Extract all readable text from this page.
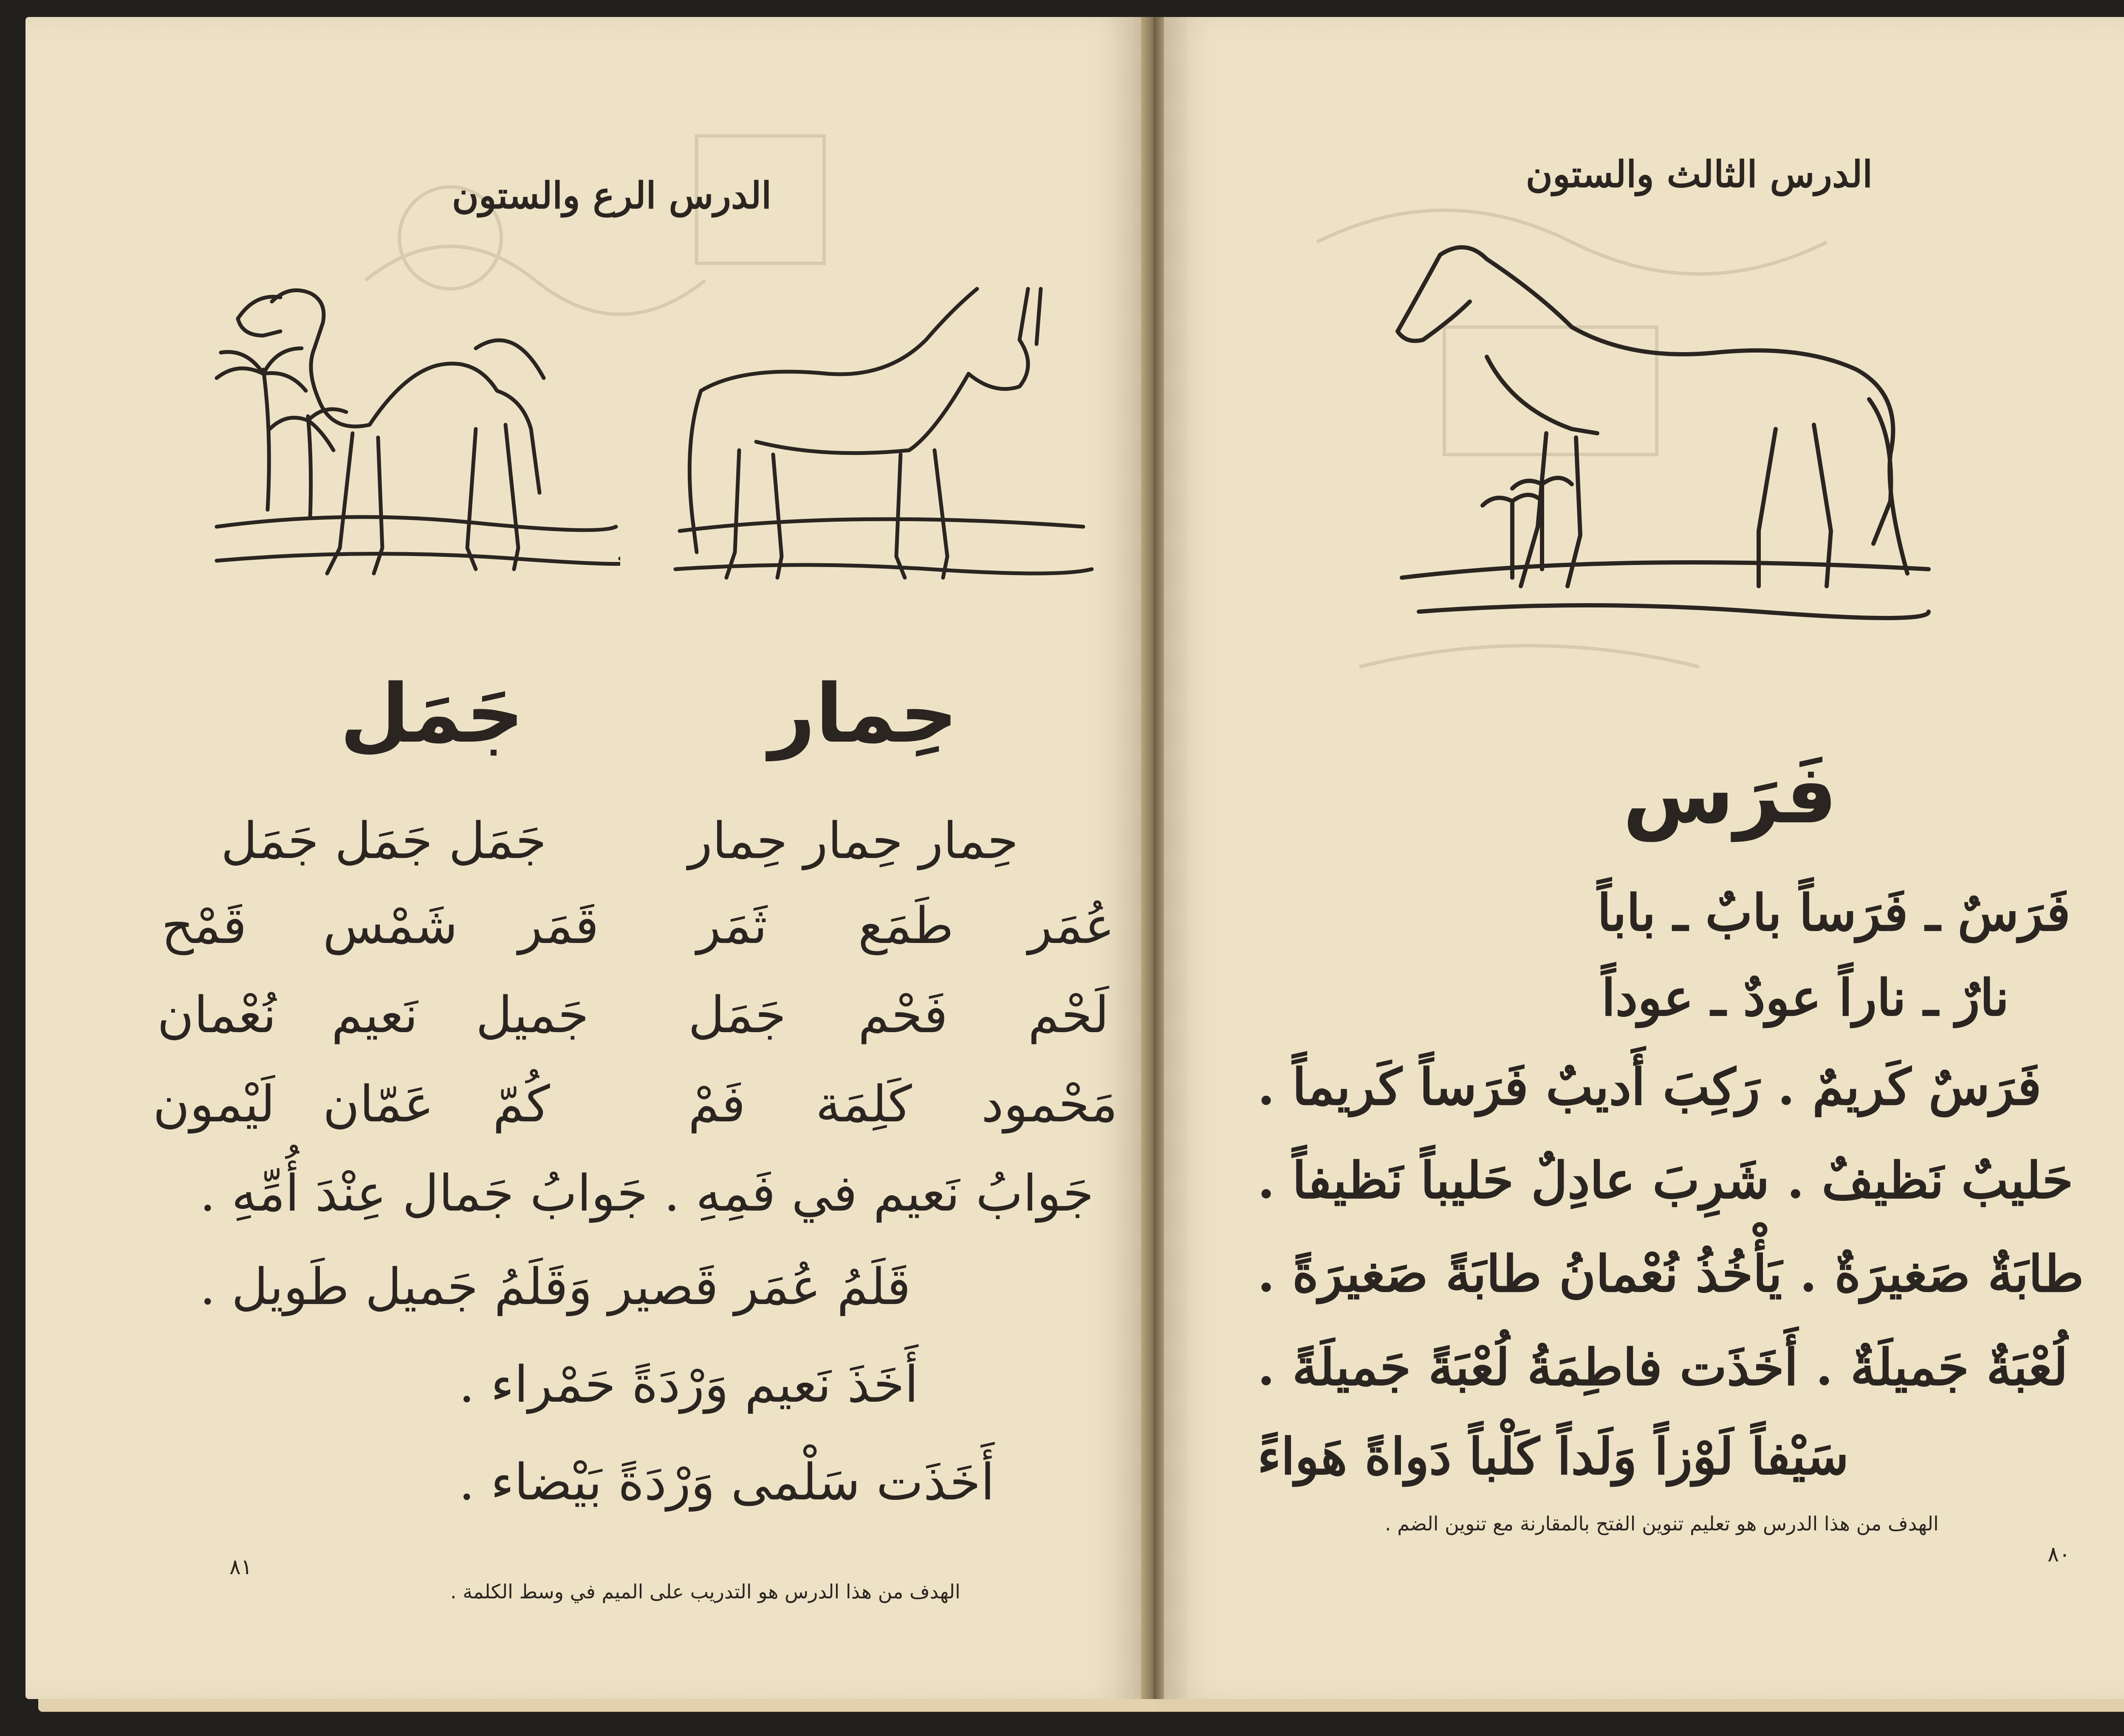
الدرس الرع والستون
جَمَل	حِمار
جَمَل جَمَل جَمَل	حِمار حِمار حِمار
عُمَر
طَمَع
ثَمَر
قَمَر
شَمْس
قَمْح
لَحْم
فَحْم
جَمَل
جَميل
نَعيم
نُعْمان
مَحْمود
كَلِمَة
فَمْ
كُمّ
عَمّان
لَيْمون
جَوابُ نَعيم في فَمِهِ . جَوابُ جَمال عِنْدَ أُمِّهِ .
قَلَمُ عُمَر قَصير وَقَلَمُ جَميل طَويل .
أَخَذَ نَعيم وَرْدَةً حَمْراء .
أَخَذَت سَلْمى وَرْدَةً بَيْضاء .
٨١
الهدف من هذا الدرس هو التدريب على الميم في وسط الكلمة .
الدرس الثالث والستون
فَرَس
فَرَسٌ ـ فَرَساً بابٌ ـ باباً
نارٌ ـ ناراً عودٌ ـ عوداً
فَرَسٌ كَريمٌ . رَكِبَ أَديبٌ فَرَساً كَريماً .
حَليبٌ نَظيفٌ . شَرِبَ عادِلٌ حَليباً نَظيفاً .
طابَةٌ صَغيرَةٌ . يَأْخُذُ نُعْمانُ طابَةً صَغيرَةً .
لُعْبَةٌ جَميلَةٌ . أَخَذَت فاطِمَةُ لُعْبَةً جَميلَةً .
سَيْفاً لَوْزاً وَلَداً كَلْباً دَواةً هَواءً
الهدف من هذا الدرس هو تعليم تنوين الفتح بالمقارنة مع تنوين الضم .
٨٠
